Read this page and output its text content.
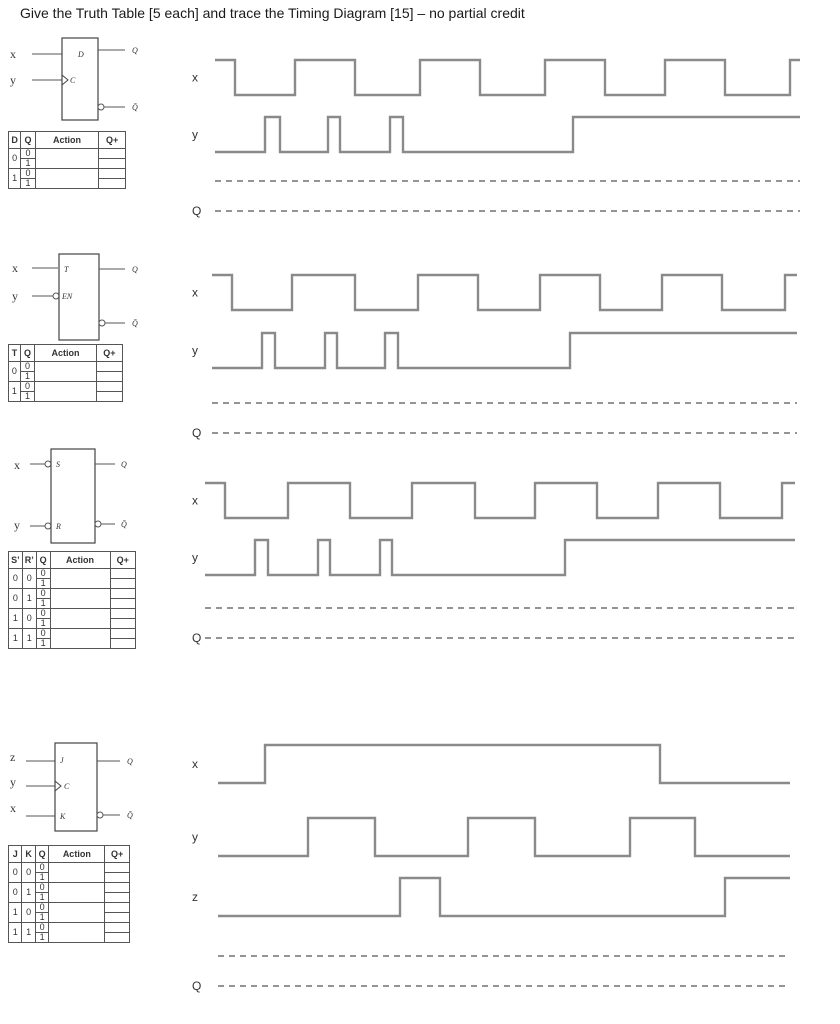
Give the Truth Table [5 each] and trace the Timing Diagram [15] – no partial credit
x
y
D
C
Q
Q̄
D	Q	Action	Q+
0	0		
	1		
1	0		
	1		
x
y
Q
x
y
T
EN
Q
Q̄
T	Q	Action	Q+
0	0		
	1		
1	0		
	1		
x
y
Q
x
y
S
R
Q
Q̄
S’	R’	Q	Action	Q+
0	0	0		
		1		
0	1	0		
		1		
1	0	0		
		1		
1	1	0		
		1		
x
y
Q
z
y
x
J
C
K
Q
Q̄
J	K	Q	Action	Q+
0	0	0		
		1		
0	1	0		
		1		
1	0	0		
		1		
1	1	0		
		1		
x
y
z
Q
